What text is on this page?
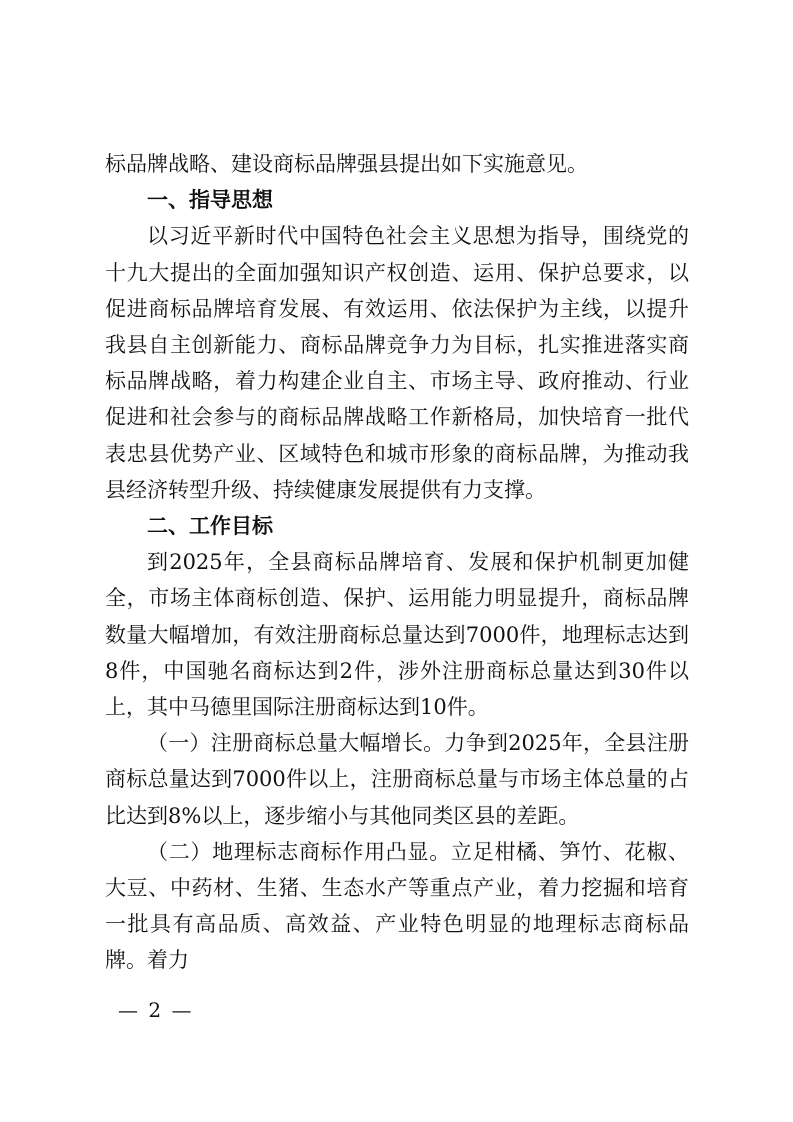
标品牌战略、建设商标品牌强县提出如下实施意见。

一、指导思想

以习近平新时代中国特色社会主义思想为指导，围绕党的十九大提出的全面加强知识产权创造、运用、保护总要求，以促进商标品牌培育发展、有效运用、依法保护为主线，以提升我县自主创新能力、商标品牌竞争力为目标，扎实推进落实商标品牌战略，着力构建企业自主、市场主导、政府推动、行业促进和社会参与的商标品牌战略工作新格局，加快培育一批代表忠县优势产业、区域特色和城市形象的商标品牌，为推动我县经济转型升级、持续健康发展提供有力支撑。

二、工作目标

到2025年，全县商标品牌培育、发展和保护机制更加健全，市场主体商标创造、保护、运用能力明显提升，商标品牌数量大幅增加，有效注册商标总量达到7000件，地理标志达到8件，中国驰名商标达到2件，涉外注册商标总量达到30件以上，其中马德里国际注册商标达到10件。

（一）注册商标总量大幅增长。力争到2025年，全县注册商标总量达到7000件以上，注册商标总量与市场主体总量的占比达到8%以上，逐步缩小与其他同类区县的差距。

（二）地理标志商标作用凸显。立足柑橘、笋竹、花椒、大豆、中药材、生猪、生态水产等重点产业，着力挖掘和培育一批具有高品质、高效益、产业特色明显的地理标志商标品牌。着力

— 2 —
